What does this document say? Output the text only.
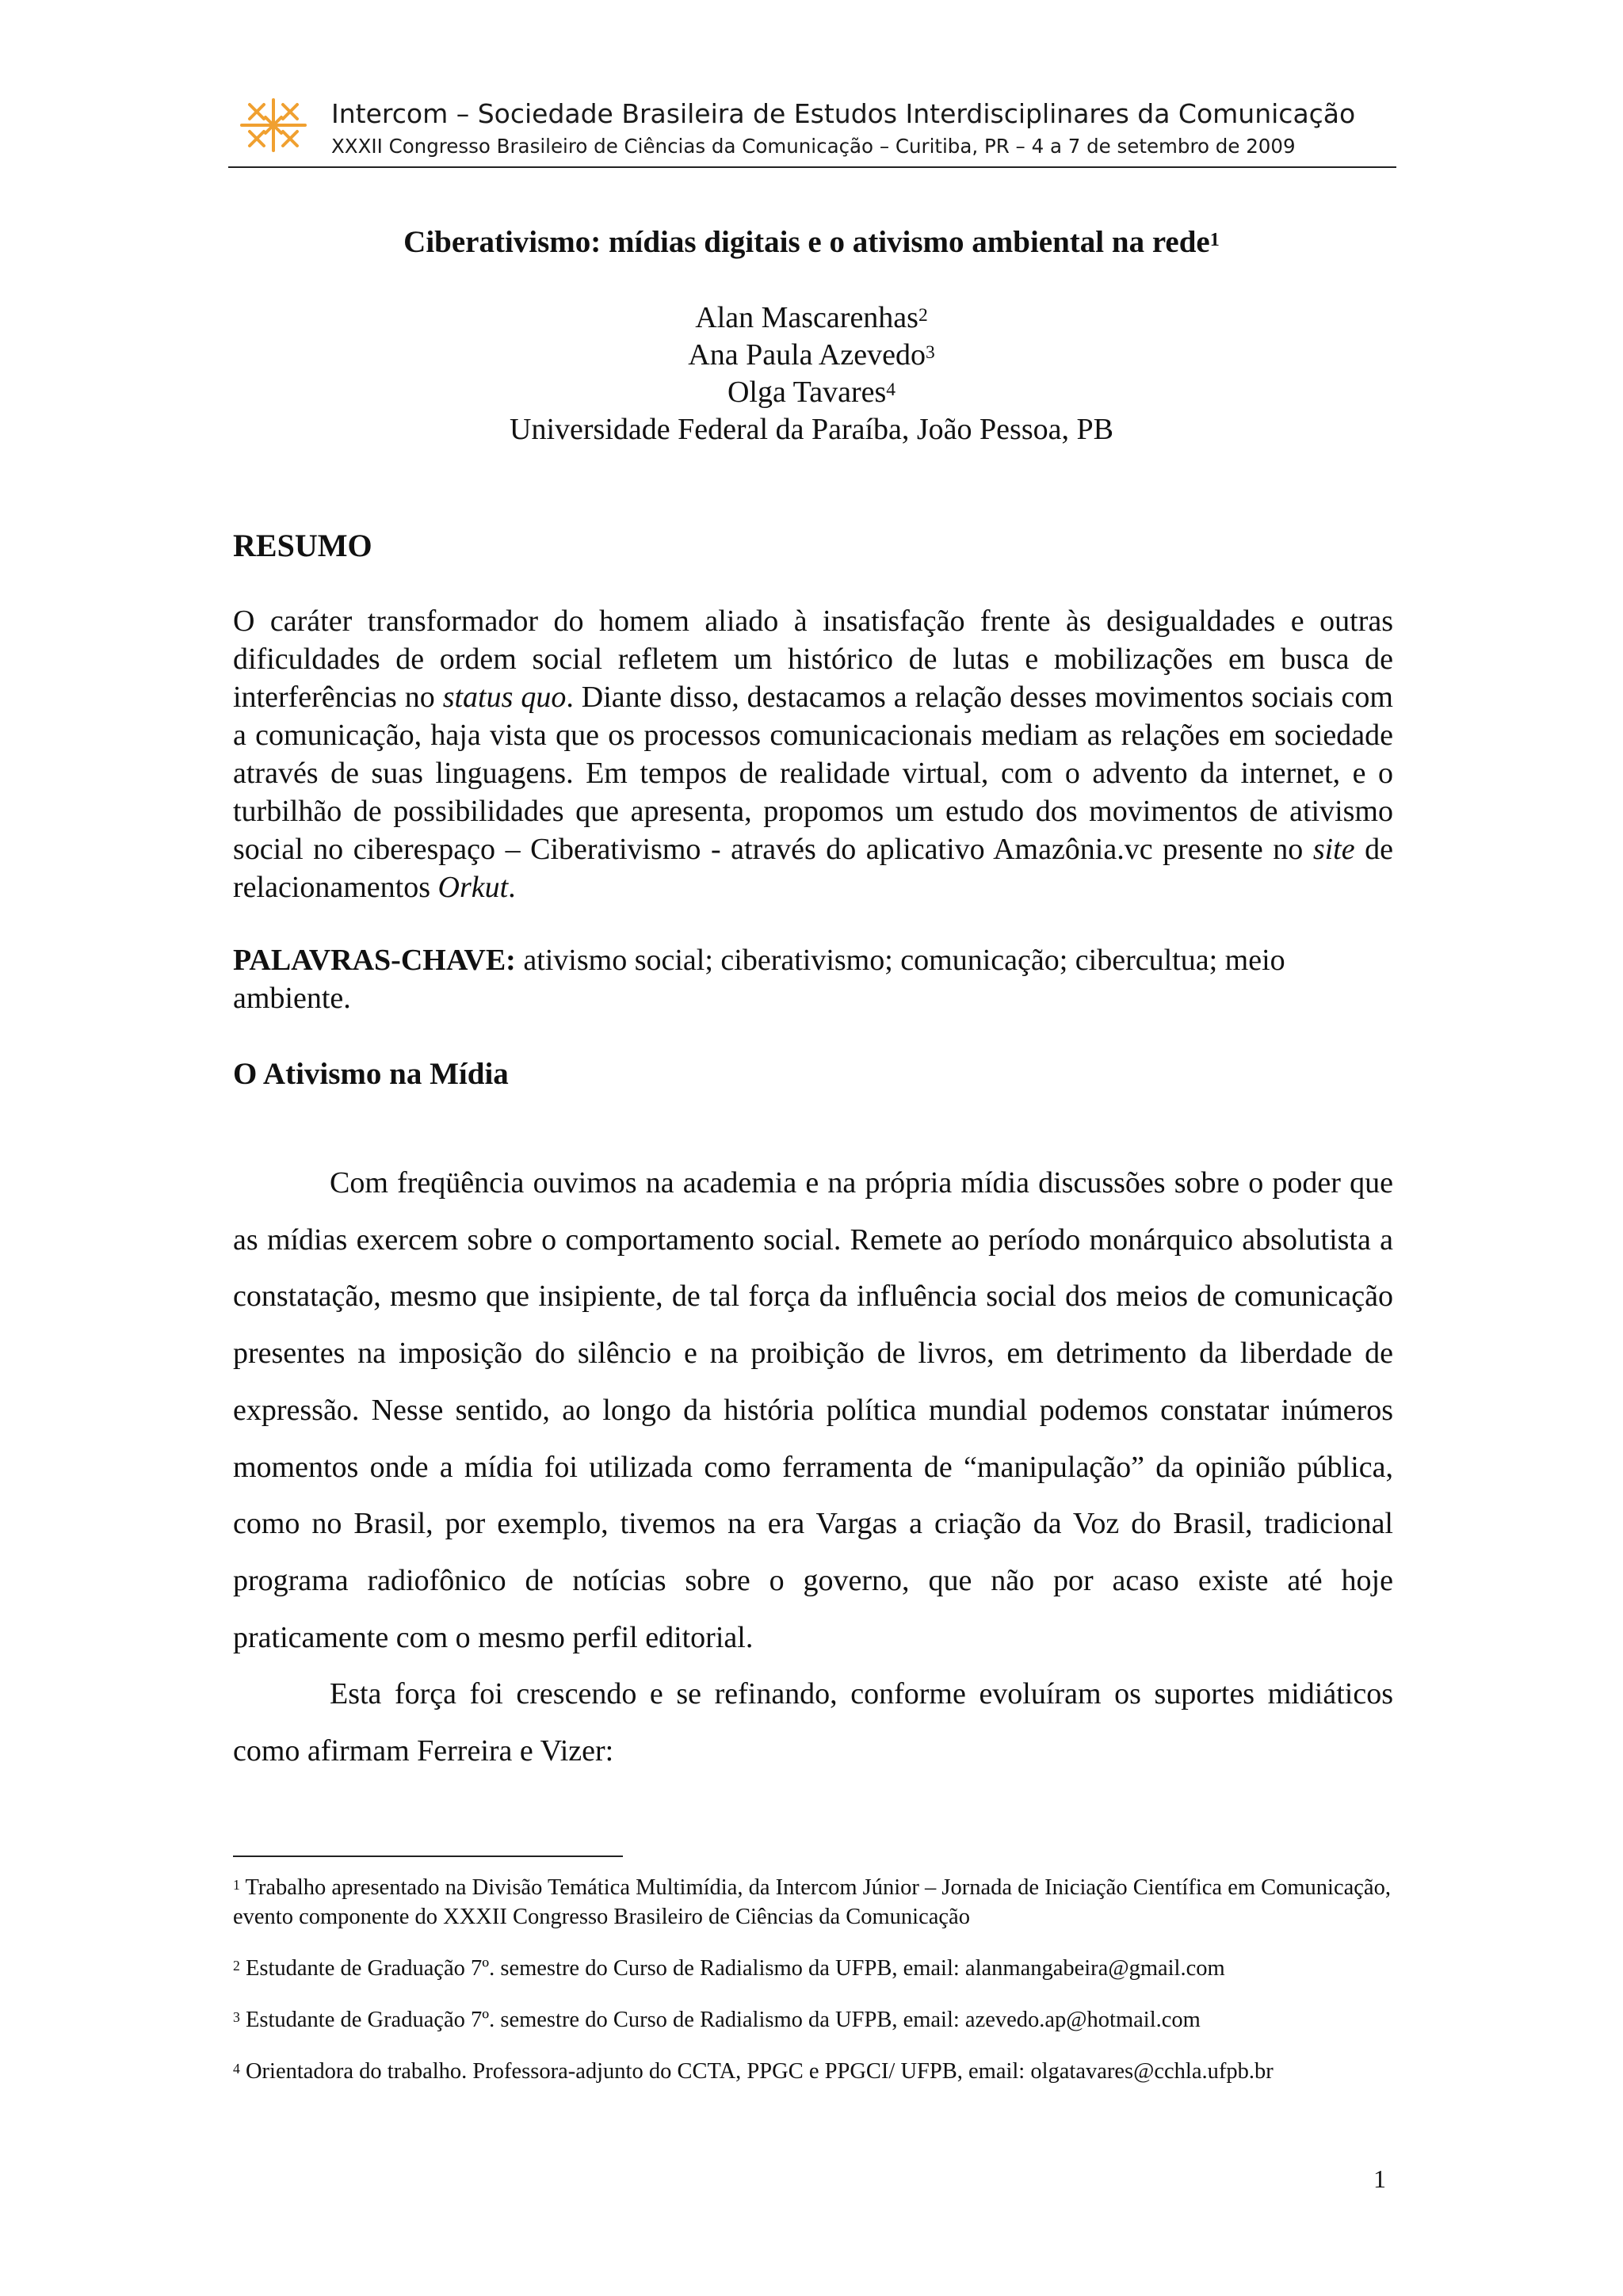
Intercom – Sociedade Brasileira de Estudos Interdisciplinares da Comunicação
XXXII Congresso Brasileiro de Ciências da Comunicação – Curitiba, PR – 4 a 7 de setembro de 2009
Ciberativismo: mídias digitais e o ativismo ambiental na rede$^1$
Alan Mascarenhas$^2$
Ana Paula Azevedo$^3$
Olga Tavares$^4$
Universidade Federal da Paraíba, João Pessoa, PB
RESUMO
O caráter transformador do homem aliado à insatisfação frente às desigualdades e outras dificuldades de ordem social refletem um histórico de lutas e mobilizações em busca de interferências no status quo. Diante disso, destacamos a relação desses movimentos sociais com a comunicação, haja vista que os processos comunicacionais mediam as relações em sociedade através de suas linguagens. Em tempos de realidade virtual, com o advento da internet, e o turbilhão de possibilidades que apresenta, propomos um estudo dos movimentos de ativismo social no ciberespaço – Ciberativismo - através do aplicativo Amazônia.vc presente no site de relacionamentos Orkut.
PALAVRAS-CHAVE: ativismo social; ciberativismo; comunicação; cibercultua; meio ambiente.
O Ativismo na Mídia

Com freqüência ouvimos na academia e na própria mídia discussões sobre o poder que as mídias exercem sobre o comportamento social. Remete ao período monárquico absolutista a constatação, mesmo que insipiente, de tal força da influência social dos meios de comunicação presentes na imposição do silêncio e na proibição de livros, em detrimento da liberdade de expressão. Nesse sentido, ao longo da história política mundial podemos constatar inúmeros momentos onde a mídia foi utilizada como ferramenta de “manipulação” da opinião pública, como no Brasil, por exemplo, tivemos na era Vargas a criação da Voz do Brasil, tradicional programa radiofônico de notícias sobre o governo, que não por acaso existe até hoje praticamente com o mesmo perfil editorial.

Esta força foi crescendo e se refinando, conforme evoluíram os suportes midiáticos como afirmam Ferreira e Vizer:

$^1$ Trabalho apresentado na Divisão Temática Multimídia, da Intercom Júnior – Jornada de Iniciação Científica em Comunicação, evento componente do XXXII Congresso Brasileiro de Ciências da Comunicação

$^2$ Estudante de Graduação 7º. semestre do Curso de Radialismo da UFPB, email: alanmangabeira@gmail.com

$^3$ Estudante de Graduação 7º. semestre do Curso de Radialismo da UFPB, email: azevedo.ap@hotmail.com

$^4$ Orientadora do trabalho. Professora-adjunto do CCTA, PPGC e PPGCI/ UFPB, email: olgatavares@cchla.ufpb.br

1
